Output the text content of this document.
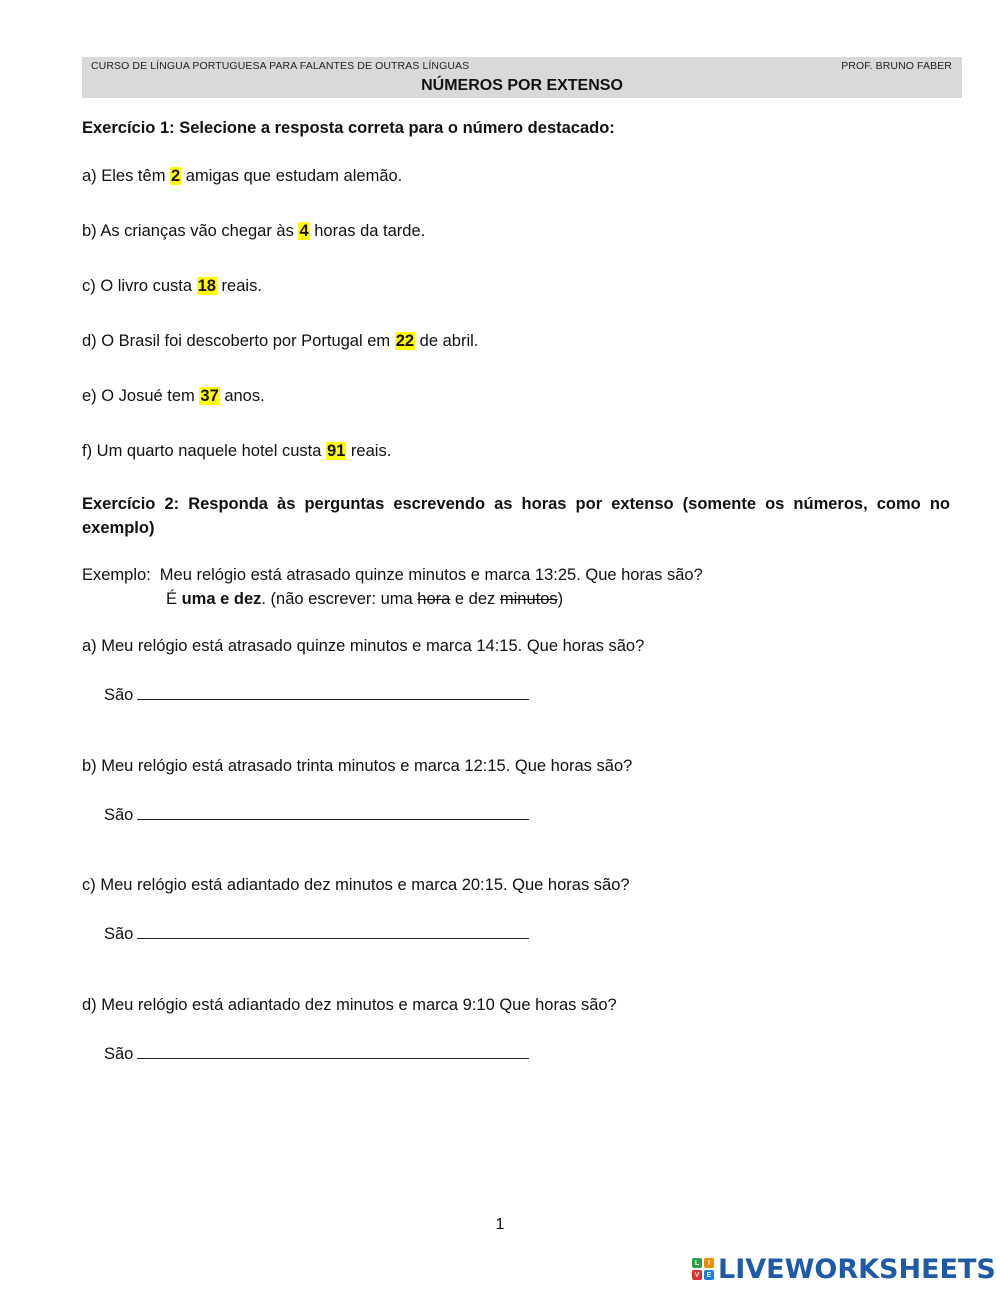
CURSO DE LÍNGUA PORTUGUESA PARA FALANTES DE OUTRAS LÍNGUAS	PROF. BRUNO FABER
NÚMEROS POR EXTENSO
Exercício 1: Selecione a resposta correta para o número destacado:
a) Eles têm 2 amigas que estudam alemão.
b) As crianças vão chegar às 4 horas da tarde.
c) O livro custa 18 reais.
d) O Brasil foi descoberto por Portugal em 22 de abril.
e) O Josué tem 37 anos.
f) Um quarto naquele hotel custa 91 reais.
Exercício 2: Responda às perguntas escrevendo as horas por extenso (somente os números, como no exemplo)
Exemplo: Meu relógio está atrasado quinze minutos e marca 13:25. Que horas são?
É uma e dez. (não escrever: uma hora e dez minutos)
a) Meu relógio está atrasado quinze minutos e marca 14:15. Que horas são?
São
b) Meu relógio está atrasado trinta minutos e marca 12:15. Que horas são?
São
c) Meu relógio está adiantado dez minutos e marca 20:15. Que horas são?
São
d) Meu relógio está adiantado dez minutos e marca 9:10 Que horas são?
São
1
L	I
V	E LIVEWORKSHEETS
